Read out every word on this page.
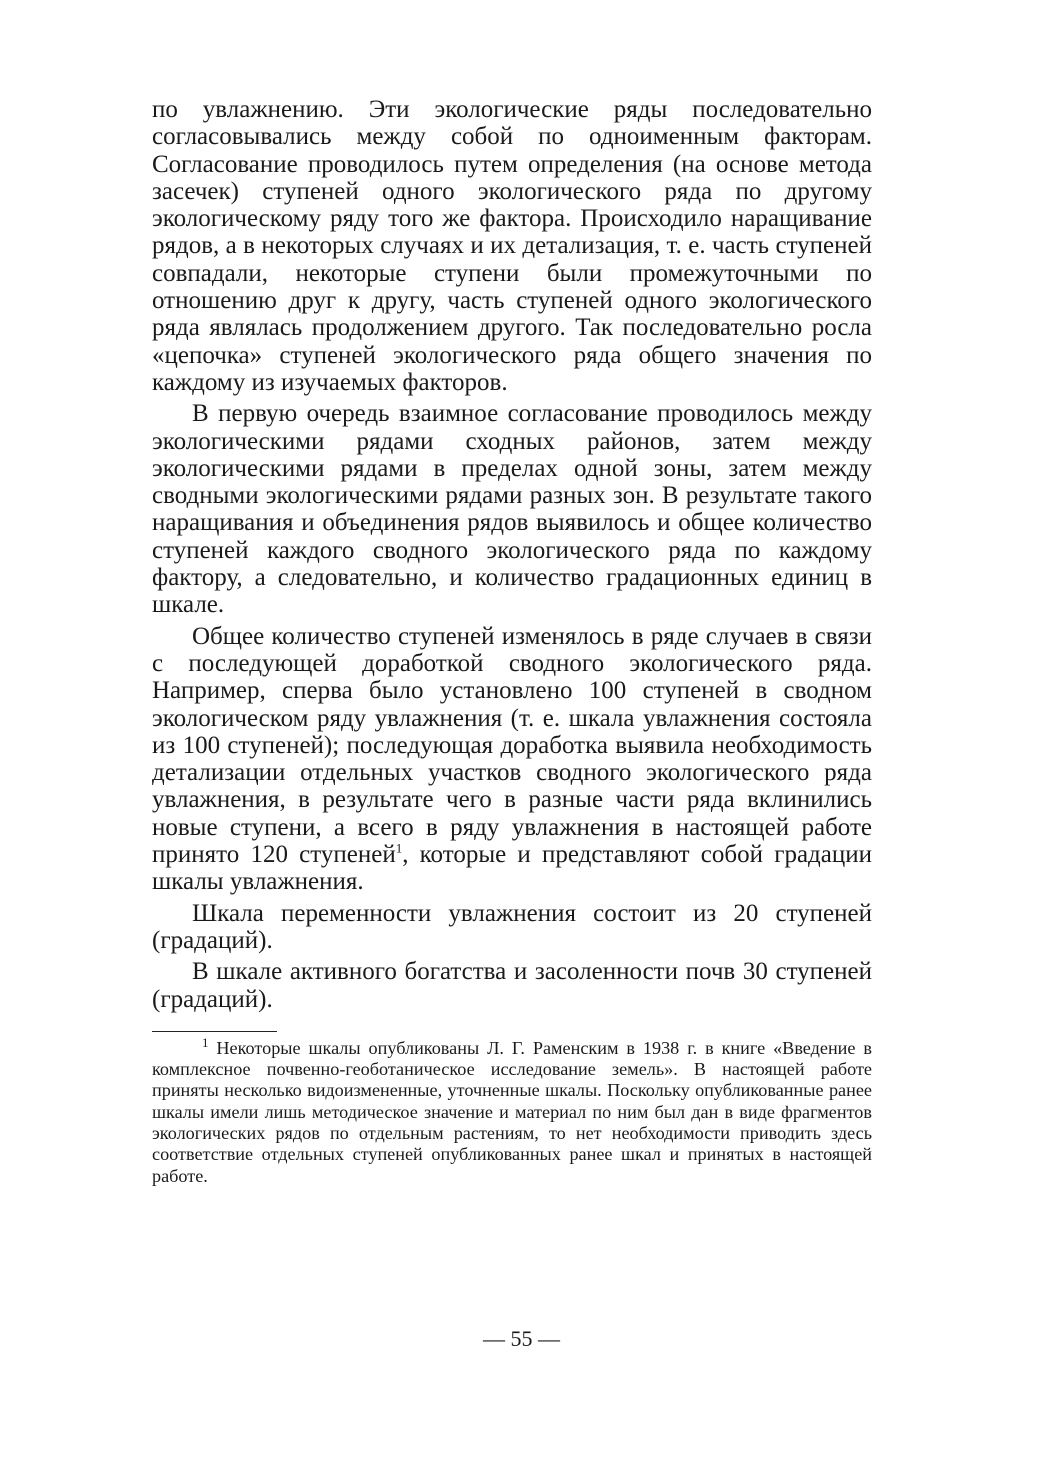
по увлажнению. Эти экологические ряды последовательно согласовывались между собой по одноименным факторам. Согласование проводилось путем определения (на основе метода засечек) ступеней одного экологического ряда по другому экологическому ряду того же фактора. Происходило наращивание рядов, а в некоторых случаях и их детализация, т. е. часть ступеней совпадали, некоторые ступени были промежуточными по отношению друг к другу, часть ступеней одного экологического ряда являлась продолжением другого. Так последовательно росла «цепочка» ступеней экологического ряда общего значения по каждому из изучаемых факторов.

В первую очередь взаимное согласование проводилось между экологическими рядами сходных районов, затем между экологическими рядами в пределах одной зоны, затем между сводными экологическими рядами разных зон. В результате такого наращивания и объединения рядов выявилось и общее количество ступеней каждого сводного экологического ряда по каждому фактору, а следовательно, и количество градационных единиц в шкале.

Общее количество ступеней изменялось в ряде случаев в связи с последующей доработкой сводного экологического ряда. Например, сперва было установлено 100 ступеней в сводном экологическом ряду увлажнения (т. е. шкала увлажнения состояла из 100 ступеней); последующая доработка выявила необходимость детализации отдельных участков сводного экологического ряда увлажнения, в результате чего в разные части ряда вклинились новые ступени, а всего в ряду увлажнения в настоящей работе принято 120 ступеней$^1$, которые и представляют собой градации шкалы увлажнения.

Шкала переменности увлажнения состоит из 20 ступеней (градаций).

В шкале активного богатства и засоленности почв 30 ступеней (градаций).

$^1$ Некоторые шкалы опубликованы Л. Г. Раменским в 1938 г. в книге «Введение в комплексное почвенно-геоботаническое исследование земель». В настоящей работе приняты несколько видоизмененные, уточненные шкалы. Поскольку опубликованные ранее шкалы имели лишь методическое значение и материал по ним был дан в виде фрагментов экологических рядов по отдельным растениям, то нет необходимости приводить здесь соответствие отдельных ступеней опубликованных ранее шкал и принятых в настоящей работе.

— 55 —
